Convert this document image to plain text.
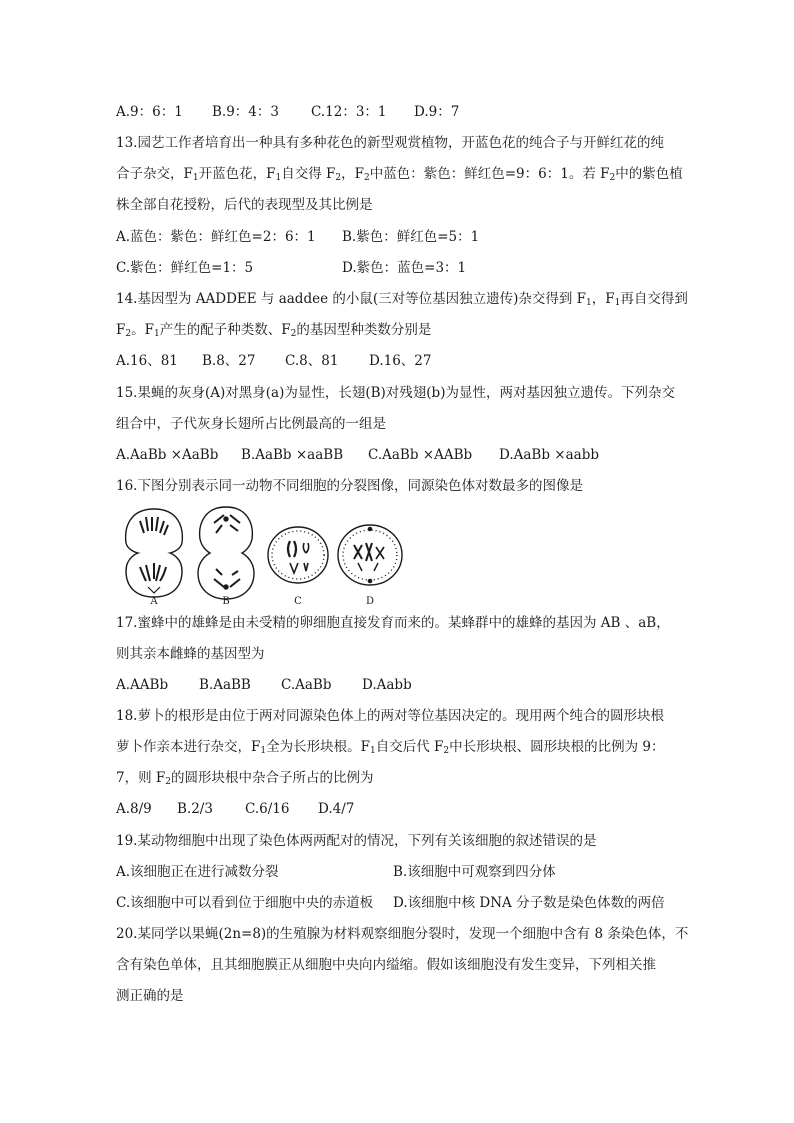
A.9：6：1 B.9：4：3 C.12：3：1 D.9：7
13.园艺工作者培育出一种具有多种花色的新型观赏植物，开蓝色花的纯合子与开鲜红花的纯
合子杂交，$F_1$开蓝色花，$F_1$自交得 $F_2$，$F_2$中蓝色：紫色：鲜红色=9：6：1。若 $F_2$中的紫色植
株全部自花授粉，后代的表现型及其比例是
A.蓝色：紫色：鲜红色=2：6：1 B.紫色：鲜红色=5：1
C.紫色：鲜红色=1：5	D.紫色：蓝色=3：1
14.基因型为 AADDEE 与 aaddee 的小鼠(三对等位基因独立遗传)杂交得到 $F_1$，$F_1$再自交得到
$F_2$。$F_1$产生的配子种类数、$F_2$的基因型种类数分别是
A.16、81 B.8、27 C.8、81 D.16、27
15.果蝇的灰身(A)对黑身(a)为显性，长翅(B)对残翅(b)为显性，两对基因独立遗传。下列杂交
组合中，子代灰身长翅所占比例最高的一组是
A.AaBb ×AaBb B.AaBb ×aaBB C.AaBb ×AABb D.AaBb ×aabb
16.下图分别表示同一动物不同细胞的分裂图像，同源染色体对数最多的图像是
A	B	C	D
17.蜜蜂中的雄蜂是由未受精的卵细胞直接发育而来的。某蜂群中的雄蜂的基因为 AB 、aB，
则其亲本雌蜂的基因型为
A.AABb B.AaBB C.AaBb D.Aabb
18.萝卜的根形是由位于两对同源染色体上的两对等位基因决定的。现用两个纯合的圆形块根
萝卜作亲本进行杂交，$F_1$全为长形块根。$F_1$自交后代 $F_2$中长形块根、圆形块根的比例为 9：
7，则 $F_2$的圆形块根中杂合子所占的比例为
A.8/9 B.2/3 C.6/16 D.4/7
19.某动物细胞中出现了染色体两两配对的情况，下列有关该细胞的叙述错误的是
A.该细胞正在进行减数分裂	B.该细胞中可观察到四分体
C.该细胞中可以看到位于细胞中央的赤道板 D.该细胞中核 DNA 分子数是染色体数的两倍
20.某同学以果蝇(2n=8)的生殖腺为材料观察细胞分裂时，发现一个细胞中含有 8 条染色体，不
含有染色单体，且其细胞膜正从细胞中央向内缢缩。假如该细胞没有发生变异，下列相关推
测正确的是
